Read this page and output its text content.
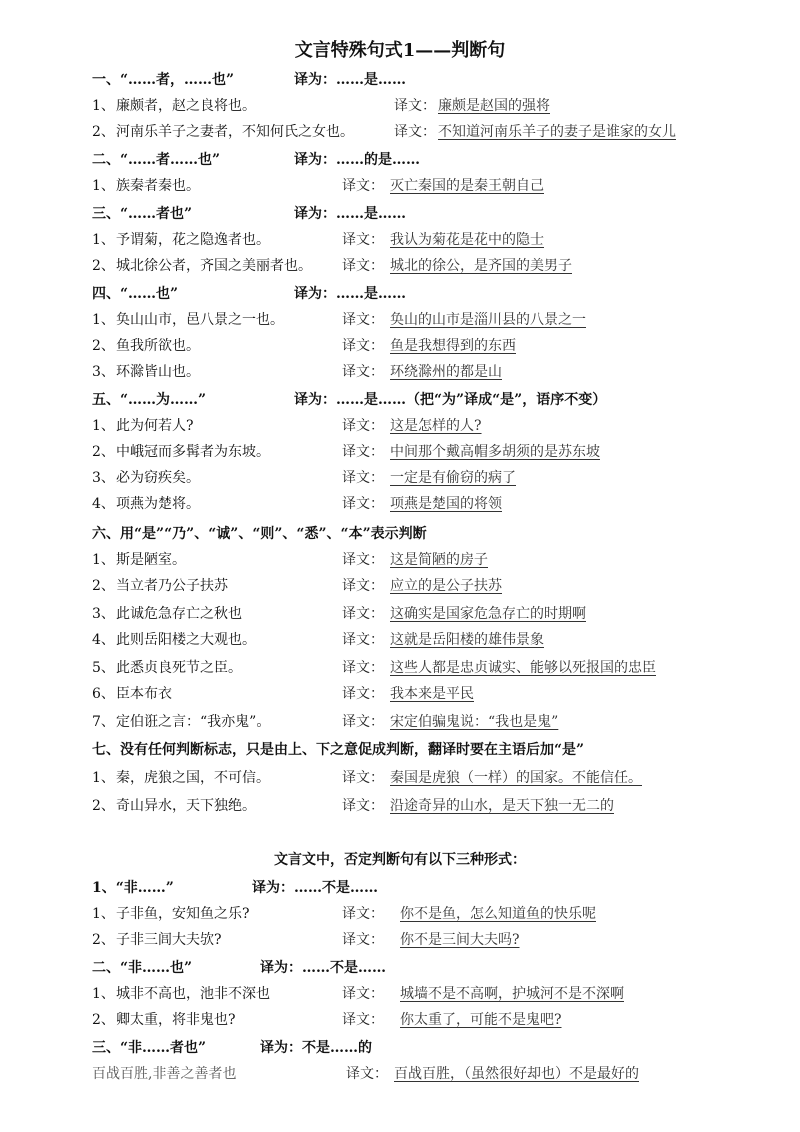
文言特殊句式1——判断句
一、“……者，……也”	译为：……是……
1、 廉颇者，赵之良将也。	译文： 廉颇是赵国的强将
2、 河南乐羊子之妻者，不知何氏之女也。	译文： 不知道河南乐羊子的妻子是谁家的女儿
二、“……者……也”	译为：……的是……
1、 族秦者秦也。	译文： 灭亡秦国的是秦王朝自己
三、“……者也”	译为：……是……
1、 予谓菊，花之隐逸者也。	译文： 我认为菊花是花中的隐士
2、 城北徐公者，齐国之美丽者也。 译文： 城北的徐公，是齐国的美男子
四、“……也”	译为：……是……
1、 奂山山市，邑八景之一也。	译文： 奂山的山市是淄川县的八景之一
2、 鱼我所欲也。	译文： 鱼是我想得到的东西
3、 环滁皆山也。	译文： 环绕滁州的都是山
五、“……为……”	译为：……是……（把“为”译成“是”，语序不变）
1、 此为何若人?	译文： 这是怎样的人?
2、 中峨冠而多髯者为东坡。	译文： 中间那个戴高帽多胡须的是苏东坡
3、 必为窃疾矣。	译文： 一定是有偷窃的病了
4、 项燕为楚将。	译文： 项燕是楚国的将领
六、用“是”“乃”、“诚”、“则”、“悉”、“本”表示判断
1、 斯是陋室。	译文： 这是简陋的房子
2、 当立者乃公子扶苏	译文： 应立的是公子扶苏
3、 此诚危急存亡之秋也	译文： 这确实是国家危急存亡的时期啊
4、 此则岳阳楼之大观也。	译文： 这就是岳阳楼的雄伟景象
5、 此悉贞良死节之臣。	译文： 这些人都是忠贞诚实、能够以死报国的忠臣
6、 臣本布衣	译文： 我本来是平民
7、 定伯诳之言：“我亦鬼”。	译文： 宋定伯骗鬼说：“我也是鬼”
七、没有任何判断标志，只是由上、下之意促成判断，翻译时要在主语后加“是”
1、 秦，虎狼之国，不可信。	译文： 秦国是虎狼（一样）的国家。不能信任。
2、 奇山异水，天下独绝。	译文： 沿途奇异的山水，是天下独一无二的
文言文中，否定判断句有以下三种形式：
1、“非……”	译为：……不是……
1、 子非鱼，安知鱼之乐?	译文： 你不是鱼，怎么知道鱼的快乐呢
2、 子非三闾大夫欤?	译文： 你不是三间大夫吗?
二、“非……也”	译为：……不是……
1、 城非不高也，池非不深也	译文： 城墙不是不高啊，护城河不是不深啊
2、 卿太重，将非鬼也?	译文： 你太重了，可能不是鬼吧?
三、“非……者也”	译为：不是……的
百战百胜,非善之善者也	译文： 百战百胜，（虽然很好却也）不是最好的
